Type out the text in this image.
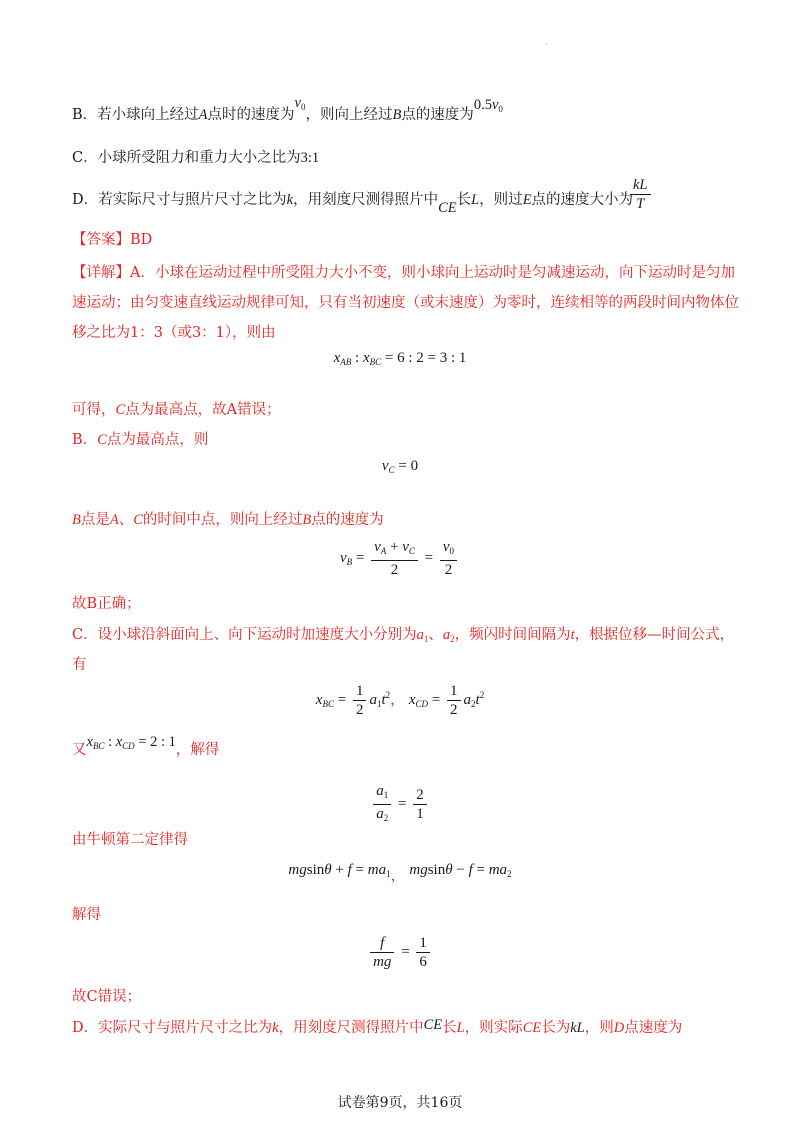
·
B．若小球向上经过A点时的速度为$v_0$，则向上经过B点的速度为$0.5v_0$
C．小球所受阻力和重力大小之比为3:1
D．若实际尺寸与照片尺寸之比为k，用刻度尺测得照片中CE长L，则过E点的速度大小为
$\frac{kL}{T}$
【答案】BD
【详解】A．小球在运动过程中所受阻力大小不变，则小球向上运动时是匀减速运动，向下运动时是匀加
速运动；由匀变速直线运动规律可知，只有当初速度（或末速度）为零时，连续相等的两段时间内物体位
移之比为1：3（或3：1），则由
$x_{AB}$ : $x_{BC} = 6$ : 2 = 3 : 1
可得，C点为最高点，故A错误；
B．C点为最高点，则
$v_C = 0$
B点是A、C的时间中点，则向上经过B点的速度为
$v_B = \frac{v_A + v_C}{2} = \frac{v_0}{2}$
故B正确；
C．设小球沿斜面向上、向下运动时加速度大小分别为$a_1$、$a_2$，频闪时间间隔为t，根据位移—时间公式，
有
$x_{BC} = \frac{1}{2} a_1t^2$， $x_{CD} = \frac{1}{2} a_2t^2$
又$x_{BC}$ : $x_{CD} = 2$ : 1，解得
$\frac{a_1}{a_2} = \frac{2}{1}$
由牛顿第二定律得
$mgsin\theta + f = ma_1$， $mgsin\theta - f = ma_2$
解得
$\frac{f}{mg} = \frac{1}{6}$
故C错误；
D．实际尺寸与照片尺寸之比为k，用刻度尺测得照片中CE长L，则实际CE长为kL，则D点速度为
试卷第9页，共16页
